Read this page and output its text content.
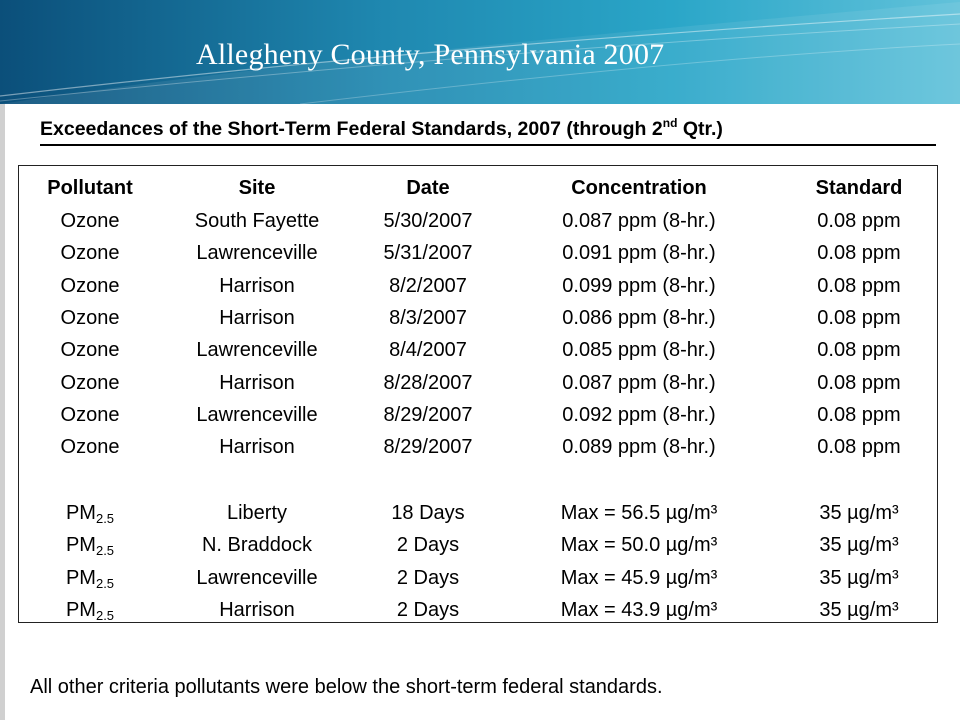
Allegheny County, Pennsylvania 2007
Exceedances of the Short-Term Federal Standards, 2007 (through 2nd Qtr.)
Pollutant	Site	Date	Concentration	Standard
Ozone	South Fayette	5/30/2007	0.087 ppm (8-hr.)	0.08 ppm
Ozone	Lawrenceville	5/31/2007	0.091 ppm (8-hr.)	0.08 ppm
Ozone	Harrison	8/2/2007	0.099 ppm (8-hr.)	0.08 ppm
Ozone	Harrison	8/3/2007	0.086 ppm (8-hr.)	0.08 ppm
Ozone	Lawrenceville	8/4/2007	0.085 ppm (8-hr.)	0.08 ppm
Ozone	Harrison	8/28/2007	0.087 ppm (8-hr.)	0.08 ppm
Ozone	Lawrenceville	8/29/2007	0.092 ppm (8-hr.)	0.08 ppm
Ozone	Harrison	8/29/2007	0.089 ppm (8-hr.)	0.08 ppm
$PM_{2.5}$	Liberty	18 Days	Max = 56.5 µg/m³	35 µg/m³
$PM_{2.5}$	N. Braddock	2 Days	Max = 50.0 µg/m³	35 µg/m³
$PM_{2.5}$	Lawrenceville	2 Days	Max = 45.9 µg/m³	35 µg/m³
$PM_{2.5}$	Harrison	2 Days	Max = 43.9 µg/m³	35 µg/m³
All other criteria pollutants were below the short-term federal standards.
